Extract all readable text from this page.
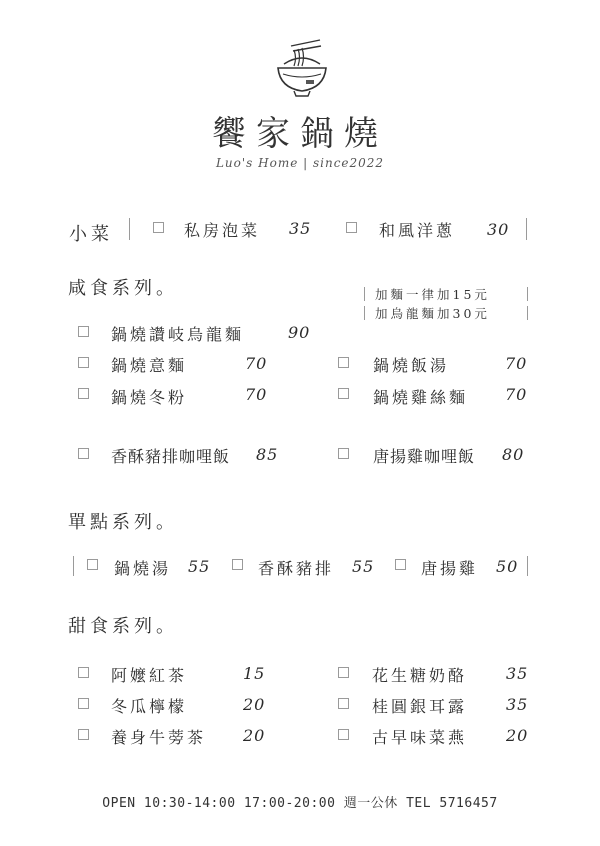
饗家鍋燒
Luo's Home | since2022
小菜	私房泡菜 35	和風洋蔥 30
咸食系列。	加麵一律加15元
加烏龍麵加30元
鍋燒讚岐烏龍麵	90
鍋燒意麵	70	鍋燒飯湯	70
鍋燒冬粉	70	鍋燒雞絲麵 70
香酥豬排咖哩飯 85	唐揚雞咖哩飯 80
單點系列。
鍋燒湯 55	香酥豬排 55	唐揚雞 50
甜食系列。
阿嬤紅茶	15	花生糖奶酪 35
冬瓜檸檬	20	桂圓銀耳露 35
養身牛蒡茶 20	古早味菜燕 20
OPEN 10:30-14:00 17:00-20:00 週一公休 TEL 5716457
